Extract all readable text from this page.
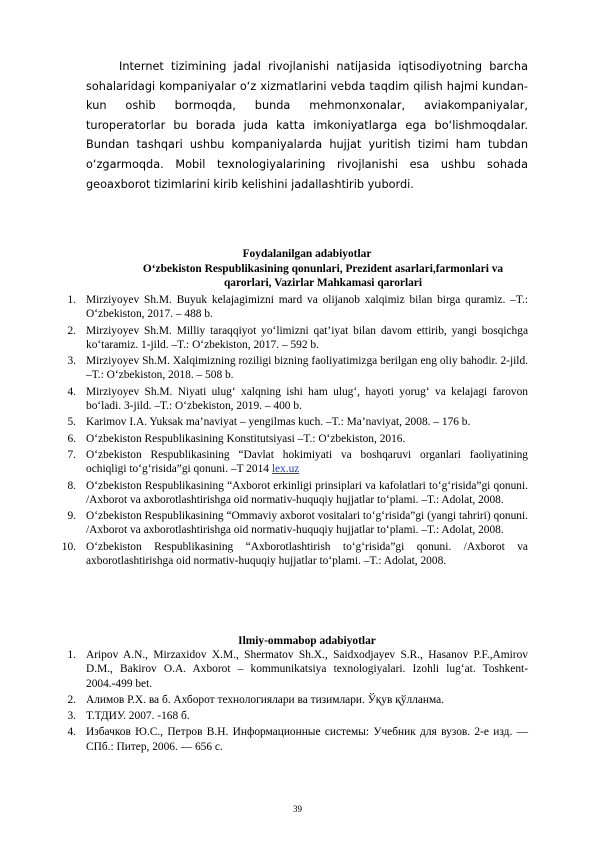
Internet tizimining jadal rivojlanishi natijasida iqtisodiyotning barcha sohalaridagi kompaniyalar o‘z xizmatlarini vebda taqdim qilish hajmi kundan-kun oshib bormoqda, bunda mehmonxonalar, aviakompaniyalar, turoperatorlar bu borada juda katta imkoniyatlarga ega bo‘lishmoqdalar. Bundan tashqari ushbu kompaniyalarda hujjat yuritish tizimi ham tubdan o‘zgarmoqda. Mobil texnologiyalarining rivojlanishi esa ushbu sohada geoaxborot tizimlarini kirib kelishini jadallashtirib yubordi.

Foydalanilgan adabiyotlar
O‘zbekiston Respublikasining qonunlari, Prezident asarlari,farmonlari va qarorlari, Vazirlar Mahkamasi qarorlari
1. Mirziyoyev Sh.M. Buyuk kelajagimizni mard va olijanob xalqimiz bilan birga quramiz. –T.: O‘zbekiston, 2017. – 488 b.
2. Mirziyoyev Sh.M. Milliy taraqqiyot yo‘limizni qat’iyat bilan davom ettirib, yangi bosqichga ko‘taramiz. 1-jild. –T.: O‘zbekiston, 2017. – 592 b.
3. Mirziyoyev Sh.M. Xalqimizning roziligi bizning faoliyatimizga berilgan eng oliy bahodir. 2-jild. –T.: O‘zbekiston, 2018. – 508 b.
4. Mirziyoyev Sh.M. Niyati ulug‘ xalqning ishi ham ulug‘, hayoti yorug‘ va kelajagi farovon bo‘ladi. 3-jild. –T.: O‘zbekiston, 2019. – 400 b.
5. Karimov I.A. Yuksak ma’naviyat – yengilmas kuch. –T.: Ma’naviyat, 2008. – 176 b.
6. O‘zbekiston Respublikasining Konstitutsiyasi –T.: O‘zbekiston, 2016.
7. O‘zbekiston Respublikasining “Davlat hokimiyati va boshqaruvi organlari faoliyatining ochiqligi to‘g‘risida”gi qonuni. –T 2014 lex.uz
8. O‘zbekiston Respublikasining “Axborot erkinligi prinsiplari va kafolatlari to‘g‘risida”gi qonuni. /Axborot va axborotlashtirishga oid normativ-huquqiy hujjatlar to‘plami. –T.: Adolat, 2008.
9. O‘zbekiston Respublikasining “Ommaviy axborot vositalari to‘g‘risida”gi (yangi tahriri) qonuni. /Axborot va axborotlashtirishga oid normativ-huquqiy hujjatlar to‘plami. –T.: Adolat, 2008.
10. O‘zbekiston Respublikasining “Axborotlashtirish to‘g‘risida”gi qonuni. /Axborot va axborotlashtirishga oid normativ-huquqiy hujjatlar to‘plami. –T.: Adolat, 2008.
Ilmiy-ommabop adabiyotlar
1. Aripov A.N., Mirzaxidov X.M., Shermatov Sh.X., Saidxodjayev S.R., Hasanov P.F.,Amirov D.M., Bakirov O.A. Axborot – kommunikatsiya texnologiyalari. Izohli lug‘at. Toshkent-2004.-499 bet.
2. Алимов Р.Х. ва б. Ахборот технологиялари ва тизимлари. Ўқув қўлланма.
3. Т.ТДИУ. 2007. -168 б.
4. Избачков Ю.С., Петров В.Н. Информационные системы: Учебник для вузов. 2-е изд. — СПб.: Питер, 2006. — 656 с.
39
